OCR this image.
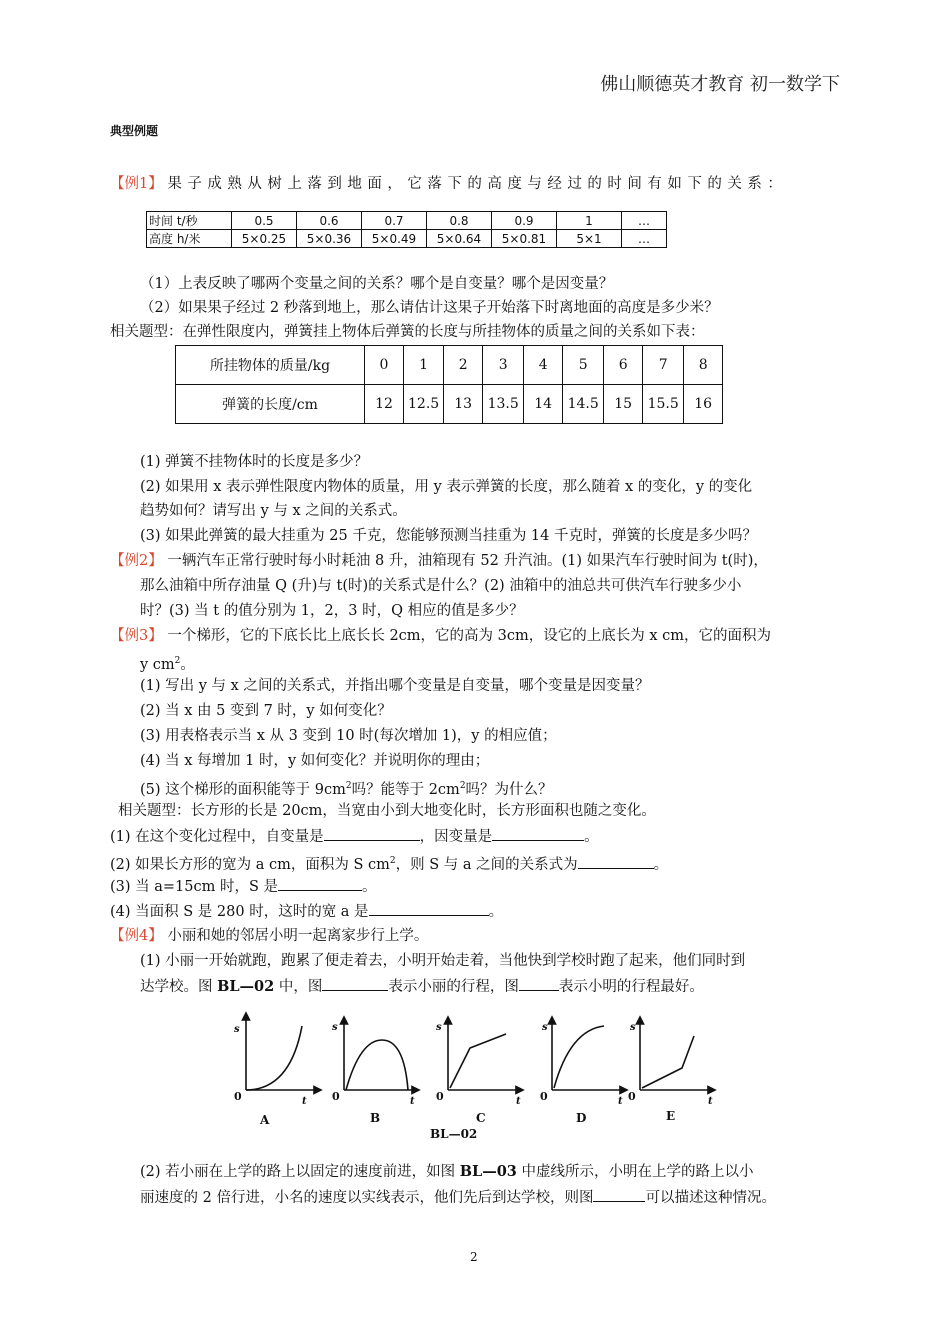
佛山顺德英才教育 初一数学下
典型例题
【例1】 果子成熟从树上落到地面，它落下的高度与经过的时间有如下的关系：
时间 t/秒	0.5	0.6	0.7	0.8	0.9	1	…
高度 h/米	5×0.25	5×0.36	5×0.49	5×0.64	5×0.81	5×1	…
（1）上表反映了哪两个变量之间的关系？哪个是自变量？哪个是因变量？
（2）如果果子经过 2 秒落到地上，那么请估计这果子开始落下时离地面的高度是多少米？
相关题型：在弹性限度内，弹簧挂上物体后弹簧的长度与所挂物体的质量之间的关系如下表：
所挂物体的质量/kg	0	1	2	3	4	5	6	7	8
弹簧的长度/cm	12	12.5	13	13.5	14	14.5	15	15.5	16
(1) 弹簧不挂物体时的长度是多少？
(2) 如果用 x 表示弹性限度内物体的质量，用 y 表示弹簧的长度，那么随着 x 的变化，y 的变化
趋势如何？请写出 y 与 x 之间的关系式。
(3) 如果此弹簧的最大挂重为 25 千克，您能够预测当挂重为 14 千克时，弹簧的长度是多少吗？
【例2】 一辆汽车正常行驶时每小时耗油 8 升，油箱现有 52 升汽油。(1) 如果汽车行驶时间为 t(时)，
那么油箱中所存油量 Q (升)与 t(时)的关系式是什么？(2) 油箱中的油总共可供汽车行驶多少小
时？(3) 当 t 的值分别为 1，2，3 时，Q 相应的值是多少？
【例3】 一个梯形，它的下底长比上底长长 2cm，它的高为 3cm，设它的上底长为 x cm，它的面积为
y $cm^2$。
(1) 写出 y 与 x 之间的关系式，并指出哪个变量是自变量，哪个变量是因变量？
(2) 当 x 由 5 变到 7 时，y 如何变化？
(3) 用表格表示当 x 从 3 变到 10 时(每次增加 1)，y 的相应值；
(4) 当 x 每增加 1 时，y 如何变化？并说明你的理由；
(5) 这个梯形的面积能等于 $9cm^2$吗？能等于 $2cm^2$吗？为什么？
相关题型：长方形的长是 20cm，当宽由小到大地变化时，长方形面积也随之变化。
(1) 在这个变化过程中，自变量是	，因变量是	。
(2) 如果长方形的宽为 a cm，面积为 S $cm^2$，则 S 与 a 之间的关系式为	。
(3) 当 a=15cm 时，S 是	。
(4) 当面积 S 是 280 时，这时的宽 a 是	。
【例4】 小丽和她的邻居小明一起离家步行上学。
(1) 小丽一开始就跑，跑累了便走着去，小明开始走着，当他快到学校时跑了起来，他们同时到
达学校。图 BL—02 中，图	表示小丽的行程，图	表示小明的行程最好。
s	s	s	s	s
t	t	t	t	t
0	0	0	0	0
A	B	C	D	E
BL—02
(2) 若小丽在上学的路上以固定的速度前进，如图 BL—03 中虚线所示，小明在上学的路上以小
丽速度的 2 倍行进，小名的速度以实线表示，他们先后到达学校，则图	可以描述这种情况。
2
